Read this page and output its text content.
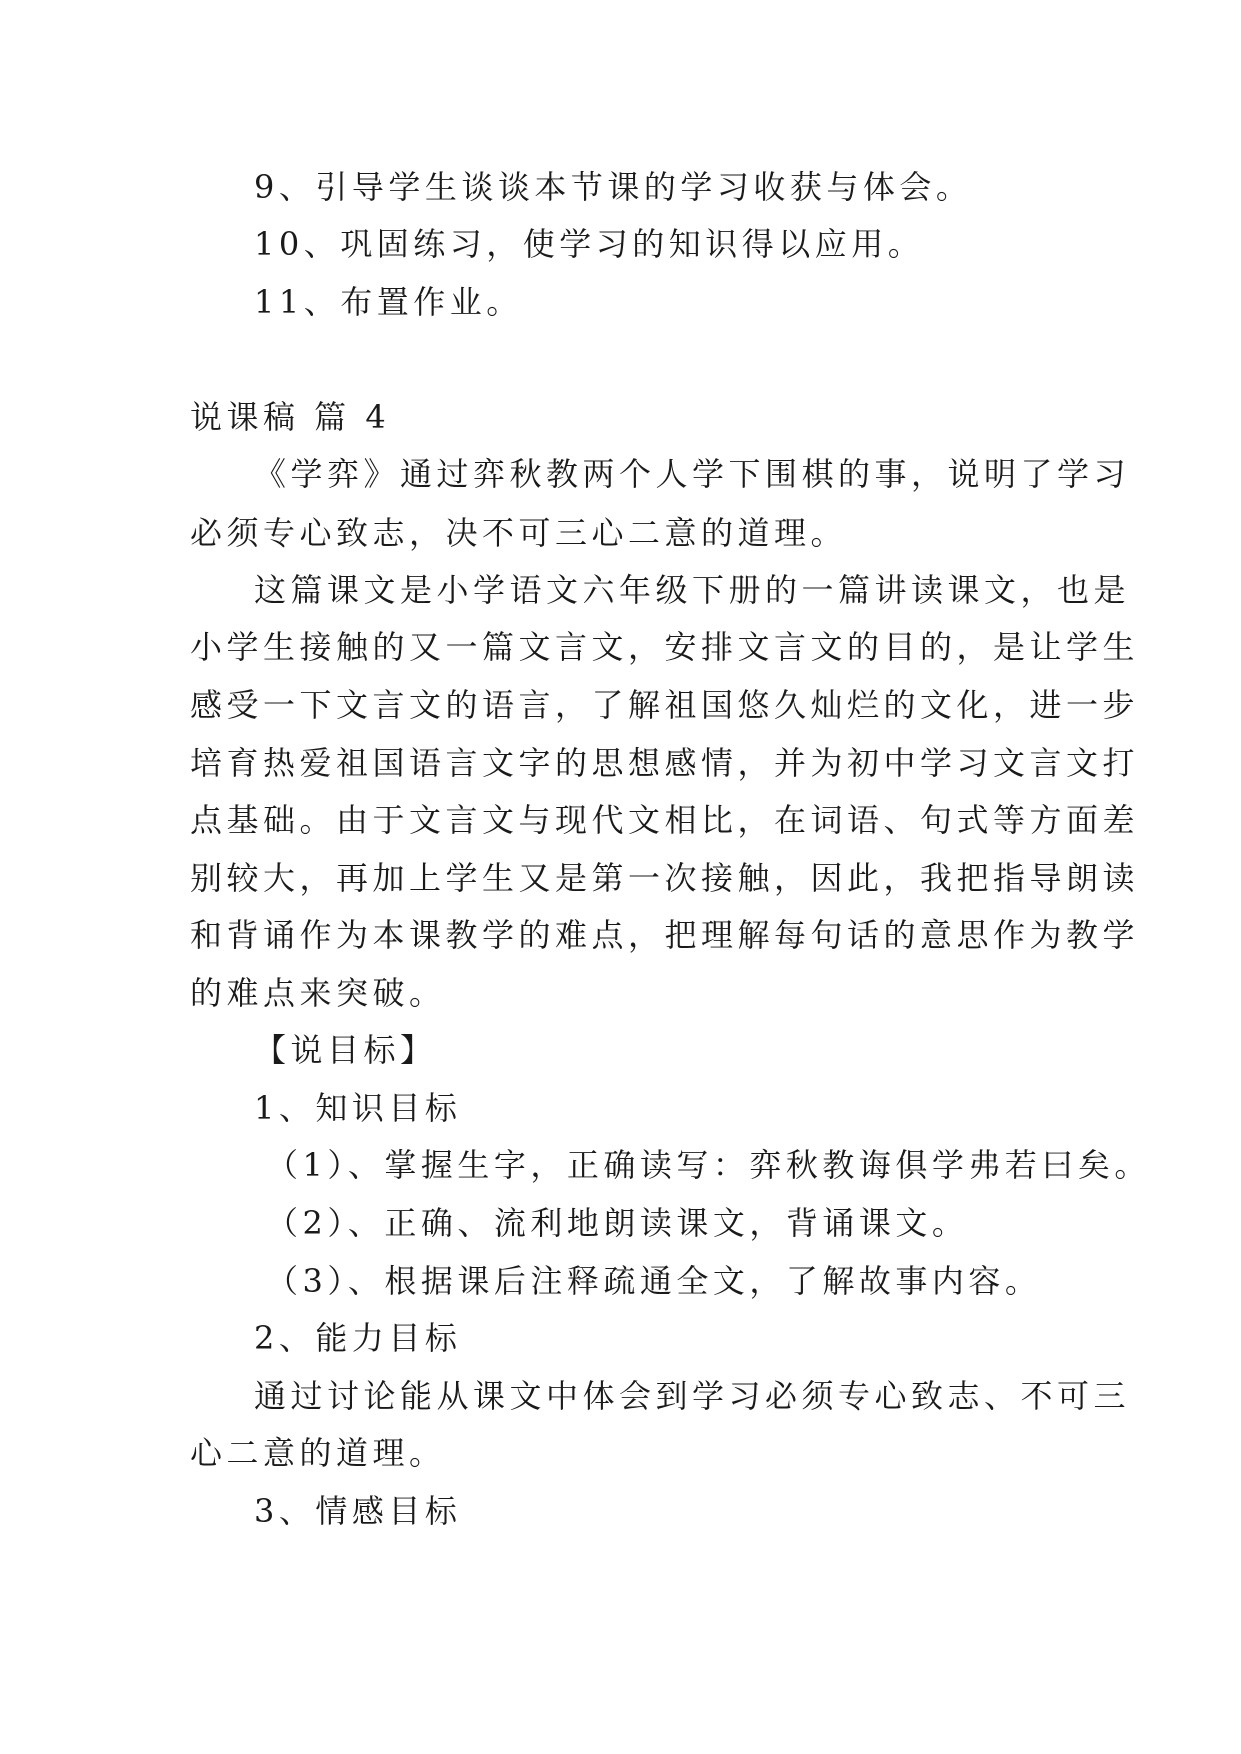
9、引导学生谈谈本节课的学习收获与体会。
10、巩固练习，使学习的知识得以应用。
11、布置作业。
说课稿 篇 4
《学弈》通过弈秋教两个人学下围棋的事，说明了学习
必须专心致志，决不可三心二意的道理。
这篇课文是小学语文六年级下册的一篇讲读课文，也是
小学生接触的又一篇文言文，安排文言文的目的，是让学生
感受一下文言文的语言，了解祖国悠久灿烂的文化，进一步
培育热爱祖国语言文字的思想感情，并为初中学习文言文打
点基础。由于文言文与现代文相比，在词语、句式等方面差
别较大，再加上学生又是第一次接触，因此，我把指导朗读
和背诵作为本课教学的难点，把理解每句话的意思作为教学
的难点来突破。
【说目标】
1、知识目标
（1）、掌握生字，正确读写：弈秋教诲俱学弗若曰矣。
（2）、正确、流利地朗读课文，背诵课文。
（3）、根据课后注释疏通全文，了解故事内容。
2、能力目标
通过讨论能从课文中体会到学习必须专心致志、不可三
心二意的道理。
3、情感目标
